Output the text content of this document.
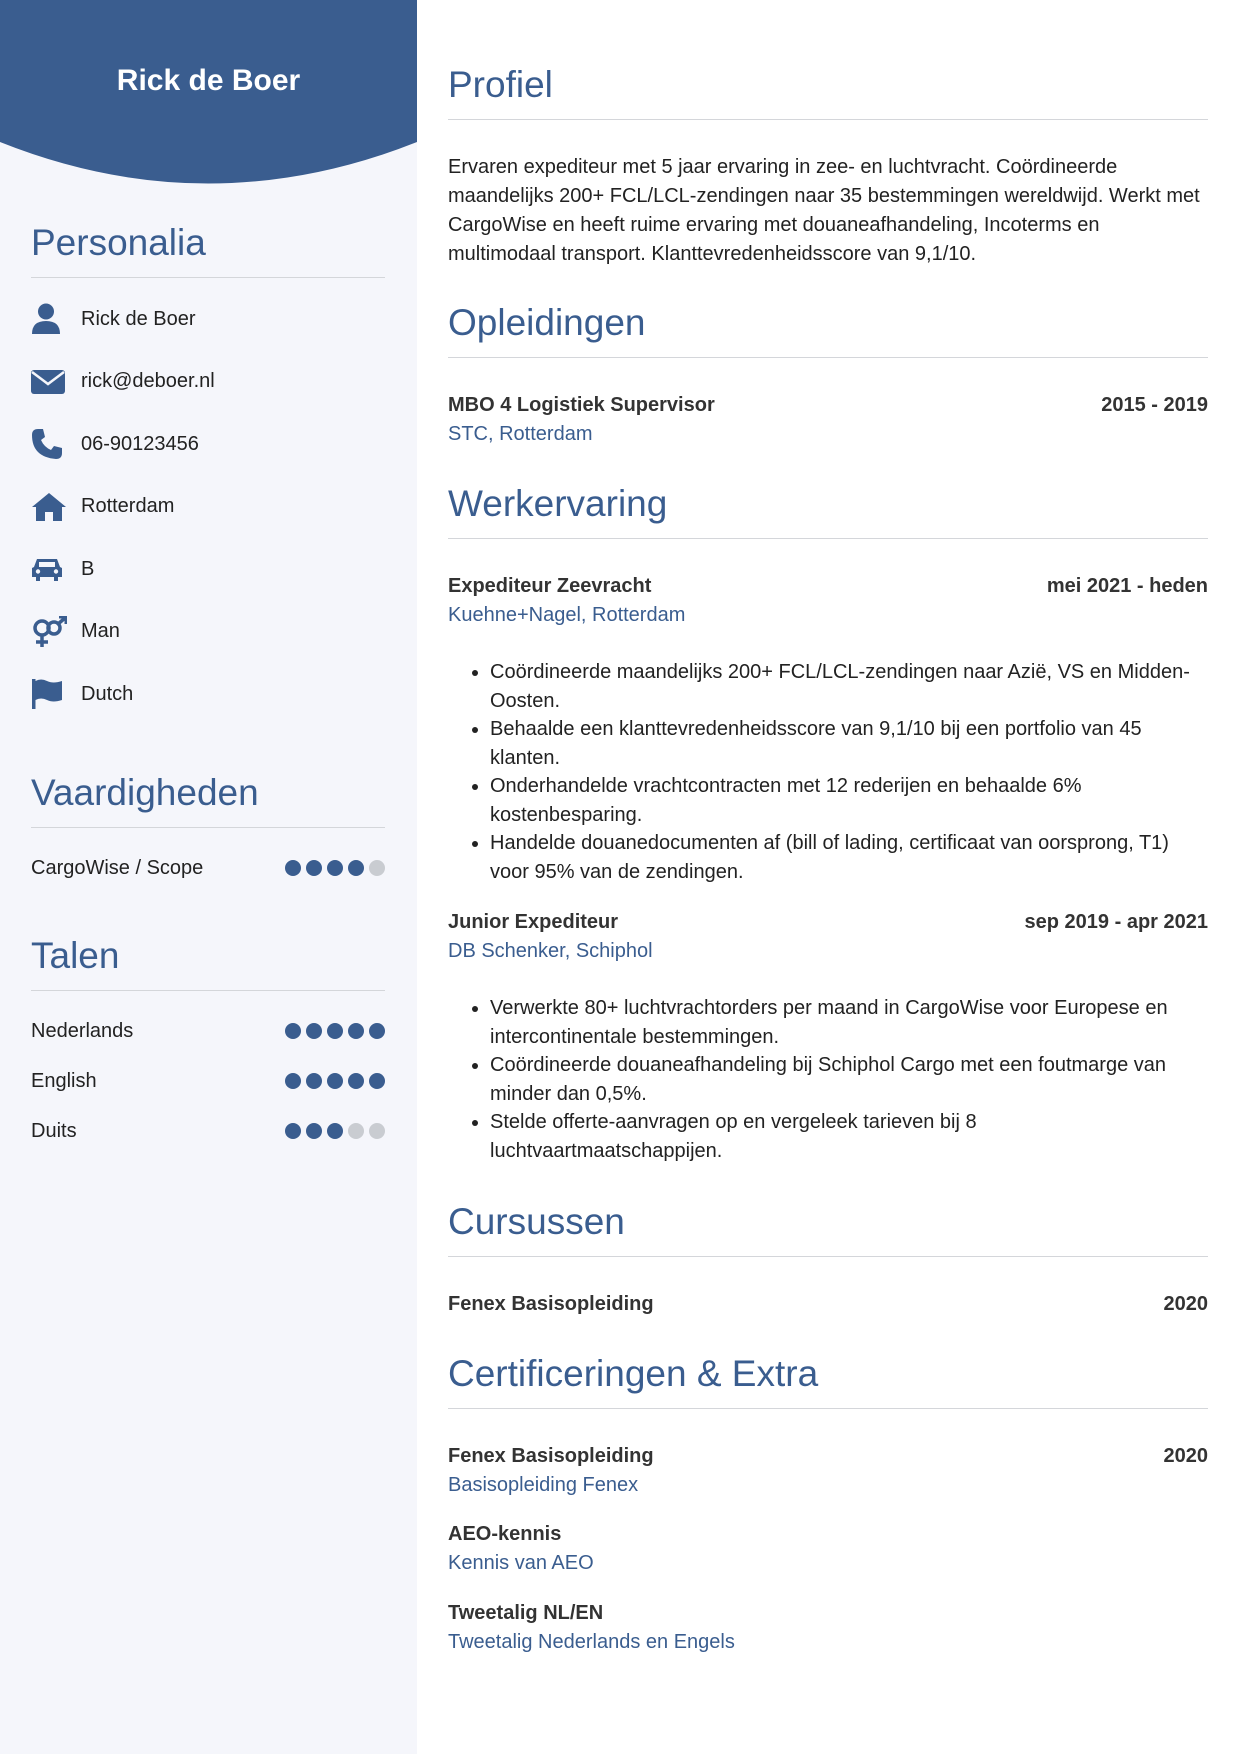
Rick de Boer
Personalia
Rick de Boer
rick@deboer.nl
06-90123456
Rotterdam
B
Man
Dutch
Vaardigheden
CargoWise / Scope
Talen
Nederlands
English
Duits
Profiel
Ervaren expediteur met 5 jaar ervaring in zee- en luchtvracht. Coördineerde maandelijks 200+ FCL/LCL-zendingen naar 35 bestemmingen wereldwijd. Werkt met CargoWise en heeft ruime ervaring met douaneafhandeling, Incoterms en multimodaal transport. Klanttevredenheidsscore van 9,1/10.
Opleidingen
MBO 4 Logistiek Supervisor	2015 - 2019
STC, Rotterdam
Werkervaring
Expediteur Zeevracht	mei 2021 - heden
Kuehne+Nagel, Rotterdam
• Coördineerde maandelijks 200+ FCL/LCL-zendingen naar Azië, VS en Midden-Oosten.
• Behaalde een klanttevredenheidsscore van 9,1/10 bij een portfolio van 45 klanten.
• Onderhandelde vrachtcontracten met 12 rederijen en behaalde 6% kostenbesparing.
• Handelde douanedocumenten af (bill of lading, certificaat van oorsprong, T1) voor 95% van de zendingen.
Junior Expediteur	sep 2019 - apr 2021
DB Schenker, Schiphol
• Verwerkte 80+ luchtvrachtorders per maand in CargoWise voor Europese en intercontinentale bestemmingen.
• Coördineerde douaneafhandeling bij Schiphol Cargo met een foutmarge van minder dan 0,5%.
• Stelde offerte-aanvragen op en vergeleek tarieven bij 8 luchtvaartmaatschappijen.
Cursussen
Fenex Basisopleiding	2020
Certificeringen & Extra
Fenex Basisopleiding	2020
Basisopleiding Fenex
AEO-kennis
Kennis van AEO
Tweetalig NL/EN
Tweetalig Nederlands en Engels
